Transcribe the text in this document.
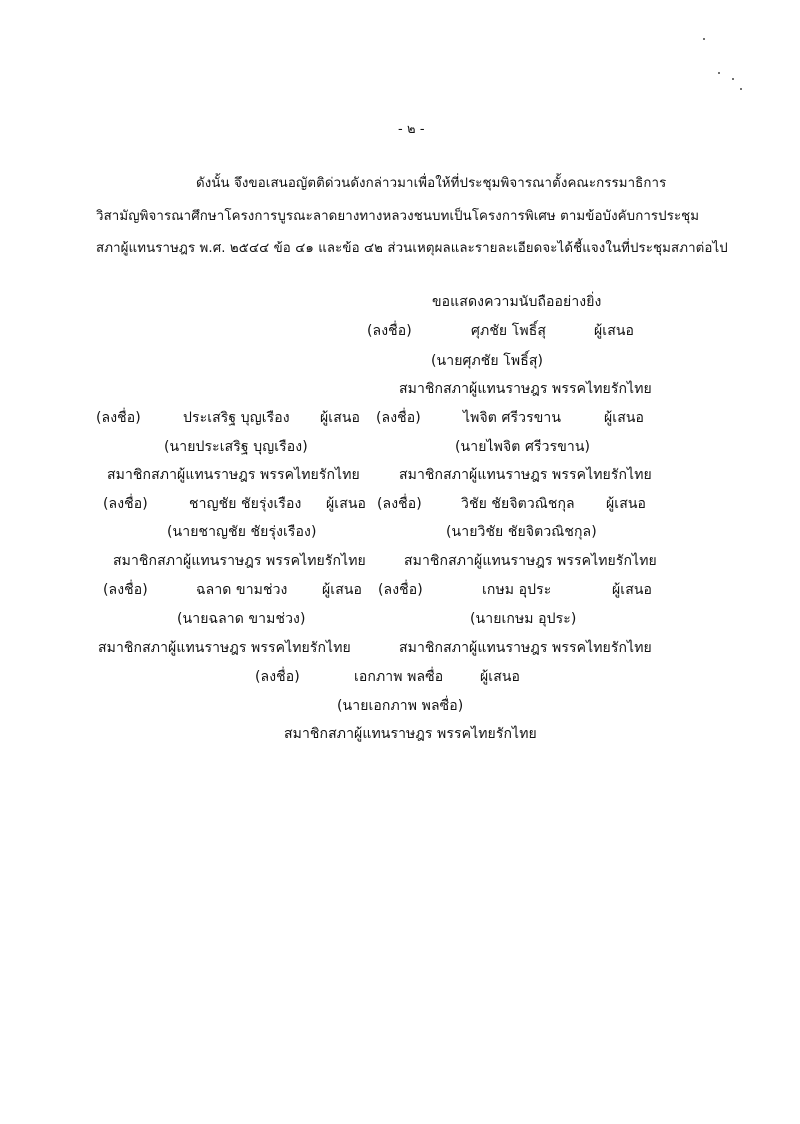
- ๒ -
ดังนั้น จึงขอเสนอญัตติด่วนดังกล่าวมาเพื่อให้ที่ประชุมพิจารณาตั้งคณะกรรมาธิการ
วิสามัญพิจารณาศึกษาโครงการบูรณะลาดยางทางหลวงชนบทเป็นโครงการพิเศษ ตามข้อบังคับการประชุม
สภาผู้แทนราษฎร พ.ศ. ๒๕๔๔ ข้อ ๔๑ และข้อ ๔๒ ส่วนเหตุผลและรายละเอียดจะได้ชี้แจงในที่ประชุมสภาต่อไป
ขอแสดงความนับถืออย่างยิ่ง
(ลงชื่อ)	ศุภชัย โพธิ์สุ	ผู้เสนอ
(นายศุภชัย โพธิ์สุ)
สมาชิกสภาผู้แทนราษฎร พรรคไทยรักไทย
(ลงชื่อ)	ประเสริฐ บุญเรือง ผู้เสนอ
(นายประเสริฐ บุญเรือง)
สมาชิกสภาผู้แทนราษฎร พรรคไทยรักไทย
(ลงชื่อ)	ไพจิต ศรีวรขาน	ผู้เสนอ
(นายไพจิต ศรีวรขาน)
สมาชิกสภาผู้แทนราษฎร พรรคไทยรักไทย
(ลงชื่อ)	ชาญชัย ชัยรุ่งเรือง ผู้เสนอ
(นายชาญชัย ชัยรุ่งเรือง)
สมาชิกสภาผู้แทนราษฎร พรรคไทยรักไทย
(ลงชื่อ)	วิชัย ชัยจิตวณิชกุล ผู้เสนอ
(นายวิชัย ชัยจิตวณิชกุล)
สมาชิกสภาผู้แทนราษฎร พรรคไทยรักไทย
(ลงชื่อ)	ฉลาด ขามช่วง ผู้เสนอ
(นายฉลาด ขามช่วง)
สมาชิกสภาผู้แทนราษฎร พรรคไทยรักไทย
(ลงชื่อ)	เกษม อุประ	ผู้เสนอ
(นายเกษม อุประ)
สมาชิกสภาผู้แทนราษฎร พรรคไทยรักไทย
(ลงชื่อ)	เอกภาพ พลซื่อ	ผู้เสนอ
(นายเอกภาพ พลซื่อ)
สมาชิกสภาผู้แทนราษฎร พรรคไทยรักไทย
